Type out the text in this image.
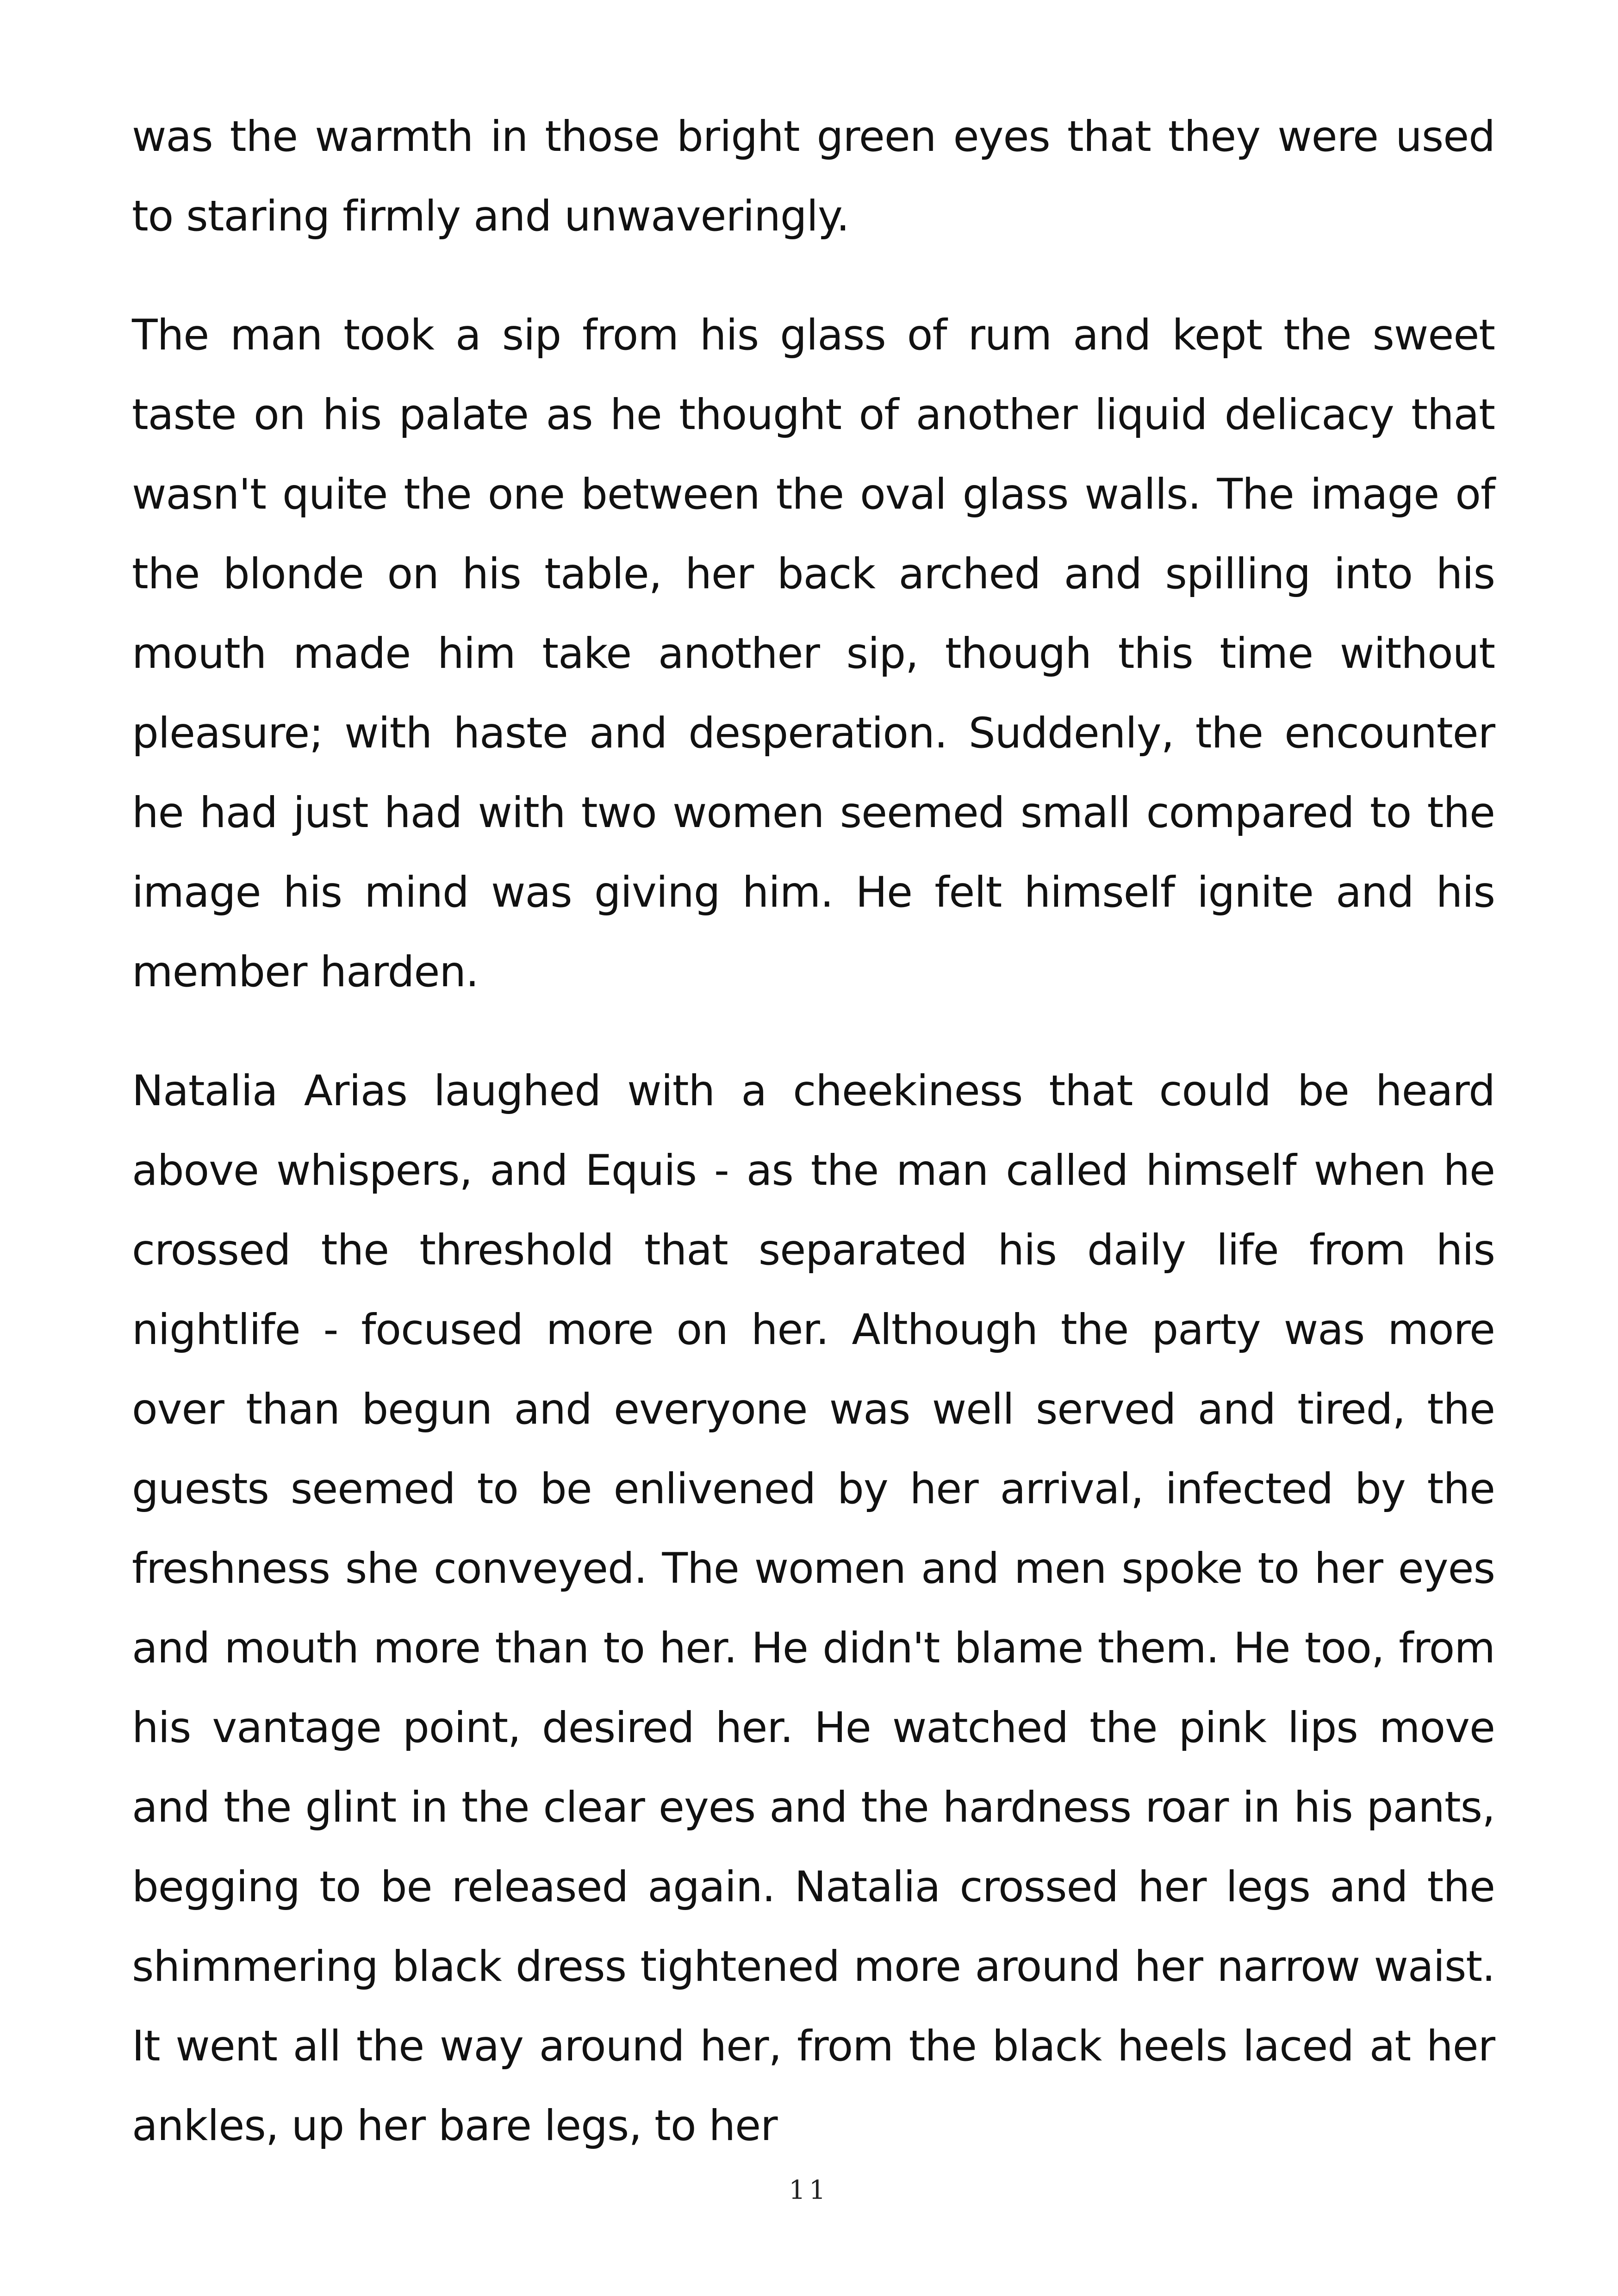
was the warmth in those bright green eyes that they were used to staring firmly and unwaveringly.

The man took a sip from his glass of rum and kept the sweet taste on his palate as he thought of another liquid delicacy that wasn't quite the one between the oval glass walls. The image of the blonde on his table, her back arched and spilling into his mouth made him take another sip, though this time without pleasure; with haste and desperation. Suddenly, the encounter he had just had with two women seemed small compared to the image his mind was giving him. He felt himself ignite and his member harden.

Natalia Arias laughed with a cheekiness that could be heard above whispers, and Equis - as the man called himself when he crossed the threshold that separated his daily life from his nightlife - focused more on her. Although the party was more over than begun and everyone was well served and tired, the guests seemed to be enlivened by her arrival, infected by the freshness she conveyed. The women and men spoke to her eyes and mouth more than to her. He didn't blame them. He too, from his vantage point, desired her. He watched the pink lips move and the glint in the clear eyes and the hardness roar in his pants, begging to be released again. Natalia crossed her legs and the shimmering black dress tightened more around her narrow waist. It went all the way around her, from the black heels laced at her ankles, up her bare legs, to her

11
